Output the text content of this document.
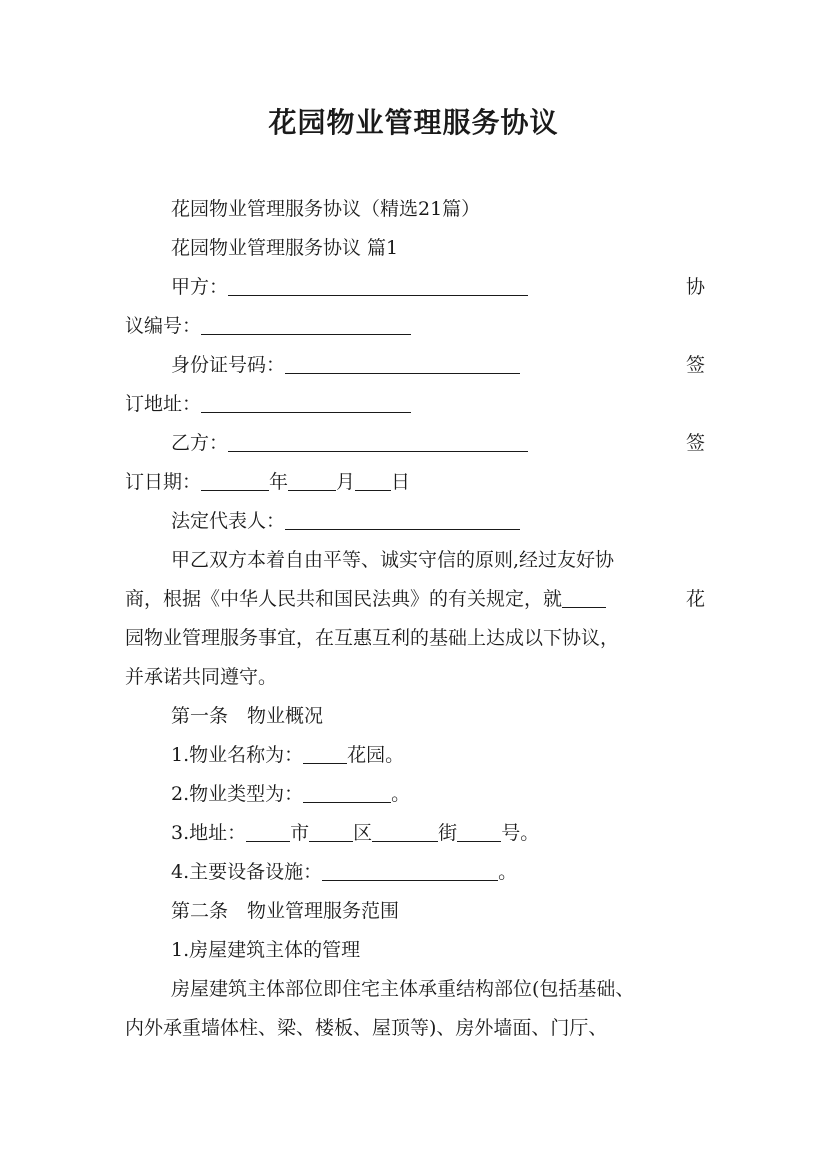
花园物业管理服务协议
花园物业管理服务协议（精选21篇）
花园物业管理服务协议 篇1
甲方：	协
议编号：
身份证号码：	签
订地址：
乙方：	签
订日期：	年	月 日
法定代表人：
甲乙双方本着自由平等、诚实守信的原则,经过友好协
商，根据《中华人民共和国民法典》的有关规定，就	花
园物业管理服务事宜，在互惠互利的基础上达成以下协议，
并承诺共同遵守。
第一条　物业概况
1.物业名称为： 花园。
2.物业类型为：	。
3.地址： 市 区	街 号。
4.主要设备设施：	。
第二条　物业管理服务范围
1.房屋建筑主体的管理
房屋建筑主体部位即住宅主体承重结构部位(包括基础、
内外承重墙体柱、梁、楼板、屋顶等)、房外墙面、门厅、
